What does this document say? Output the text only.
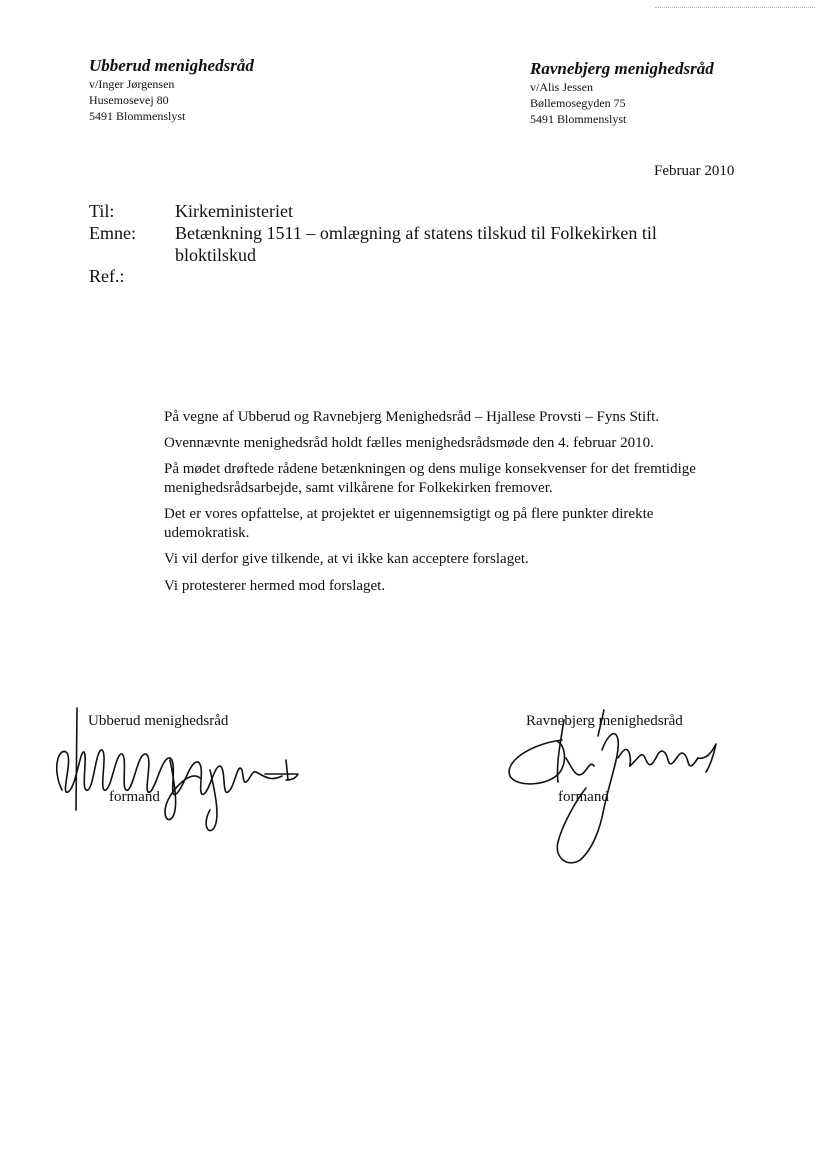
Ubberud menighedsråd
v/Inger Jørgensen
Husemosevej 80
5491 Blommenslyst
Ravnebjerg menighedsråd
v/Alis Jessen
Bøllemosegyden 75
5491 Blommenslyst
Februar 2010
Til:	Kirkeministeriet
Emne: Betænkning 1511 – omlægning af statens tilskud til Folkekirken til
bloktilskud
Ref.:
På vegne af Ubberud og Ravnebjerg Menighedsråd – Hjallese Provsti – Fyns Stift.
Ovennævnte menighedsråd holdt fælles menighedsrådsmøde den 4. februar 2010.
På mødet drøftede rådene betænkningen og dens mulige konsekvenser for det fremtidige menighedsrådsarbejde, samt vilkårene for Folkekirken fremover.
Det er vores opfattelse, at projektet er uigennemsigtigt og på flere punkter direkte udemokratisk.
Vi vil derfor give tilkende, at vi ikke kan acceptere forslaget.
Vi protesterer hermed mod forslaget.
Ubberud menighedsråd
formand
Ravnebjerg menighedsråd
formand
